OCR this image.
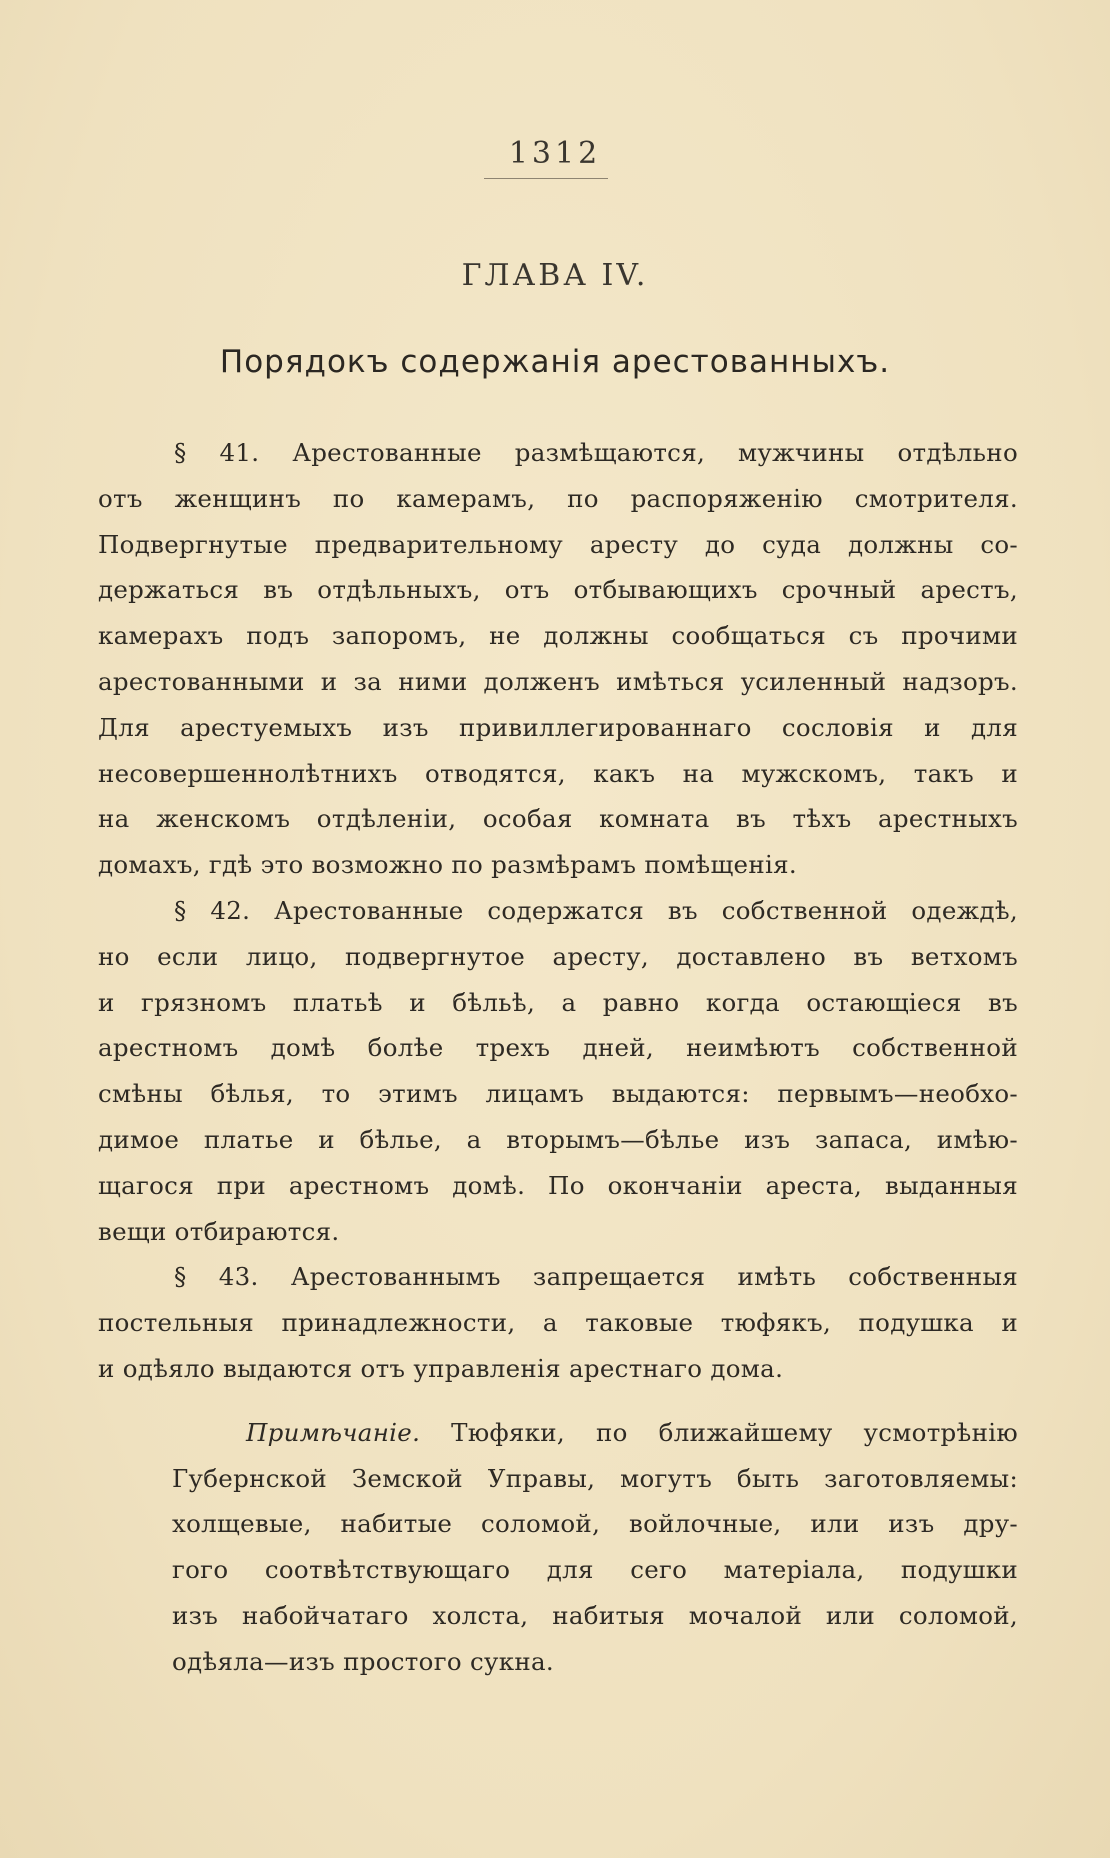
1312
ГЛАВА IV.
Порядокъ содержанія арестованныхъ.

§ 41. Арестованные размѣщаются, мужчины отдѣльно

отъ женщинъ по камерамъ, по распоряженію смотрителя.

Подвергнутые предварительному аресту до суда должны со-

держаться въ отдѣльныхъ, отъ отбывающихъ срочный арестъ,

камерахъ подъ запоромъ, не должны сообщаться съ прочими

арестованными и за ними долженъ имѣться усиленный надзоръ.

Для арестуемыхъ изъ привиллегированнаго сословія и для

несовершеннолѣтнихъ отводятся, какъ на мужскомъ, такъ и

на женскомъ отдѣленіи, особая комната въ тѣхъ арестныхъ

домахъ, гдѣ это возможно по размѣрамъ помѣщенія.

§ 42. Арестованные содержатся въ собственной одеждѣ,

но если лицо, подвергнутое аресту, доставлено въ ветхомъ

и грязномъ платьѣ и бѣльѣ, а равно когда остающіеся въ

арестномъ домѣ болѣе трехъ дней, неимѣютъ собственной

смѣны бѣлья, то этимъ лицамъ выдаются: первымъ—необхо-

димое платье и бѣлье, а вторымъ—бѣлье изъ запаса, имѣю-

щагося при арестномъ домѣ. По окончаніи ареста, выданныя

вещи отбираются.

§ 43. Арестованнымъ запрещается имѣть собственныя

постельныя принадлежности, а таковые тюфякъ, подушка и

и одѣяло выдаются отъ управленія арестнаго дома.

Примѣчаніе. Тюфяки, по ближайшему усмотрѣнію

Губернской Земской Управы, могутъ быть заготовляемы:

холщевые, набитые соломой, войлочные, или изъ дру-

гого соотвѣтствующаго для сего матеріала, подушки

изъ набойчатаго холста, набитыя мочалой или соломой,

одѣяла—изъ простого сукна.
